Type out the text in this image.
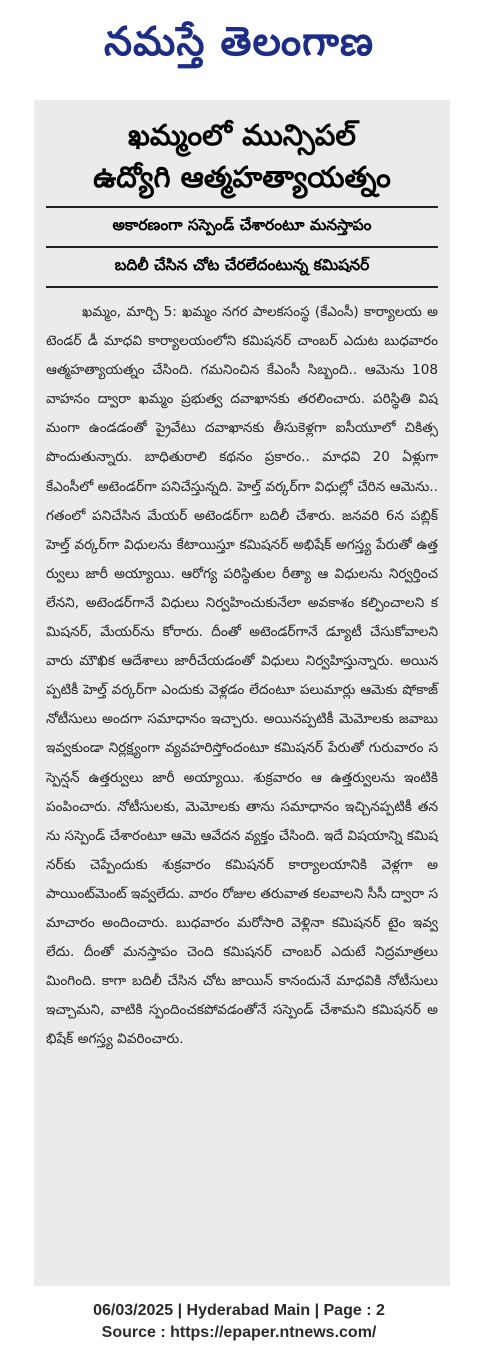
నమస్తే తెలంగాణ
ఖమ్మంలో మున్సిపల్
ఉద్యోగి ఆత్మహత్యాయత్నం
అకారణంగా సస్పెండ్ చేశారంటూ మనస్తాపం
బదిలీ చేసిన చోట చేరలేదంటున్న కమిషనర్

ఖమ్మం, మార్చి 5: ఖమ్మం నగర పాలకసంస్థ (కేఎంసీ) కార్యాలయ అటెండర్ డీ మాధవి కార్యాలయంలోని కమిషనర్ చాంబర్ ఎదుట బుధవారం ఆత్మహత్యాయత్నం చేసింది. గమనించిన కేఎంసీ సిబ్బంది.. ఆమెను 108 వాహనం ద్వారా ఖమ్మం ప్రభుత్వ దవాఖానకు తరలించారు. పరిస్థితి విషమంగా ఉండడంతో ప్రైవేటు దవాఖానకు తీసుకెళ్లగా ఐసీయూలో చికిత్స పొందుతున్నారు. బాధితురాలి కథనం ప్రకారం.. మాధవి 20 ఏళ్లుగా కేఎంసీలో అటెండర్‌గా పనిచేస్తున్నది. హెల్త్ వర్కర్‌గా విధుల్లో చేరిన ఆమెను.. గతంలో పనిచేసిన మేయర్ అటెండర్‌గా బదిలీ చేశారు. జనవరి 6న పబ్లిక్ హెల్త్ వర్కర్‌గా విధులను కేటాయిస్తూ కమిషనర్ అభిషేక్ అగస్త్య పేరుతో ఉత్తర్వులు జారీ అయ్యాయి. ఆరోగ్య పరిస్థితుల రీత్యా ఆ విధులను నిర్వర్తించలేనని, అటెండర్‌గానే విధులు నిర్వహించుకునేలా అవకాశం కల్పించాలని కమిషనర్, మేయర్‌ను కోరారు. దీంతో అటెండర్‌గానే డ్యూటీ చేసుకోవాలని వారు మౌఖిక ఆదేశాలు జారీచేయడంతో విధులు నిర్వహిస్తున్నారు. అయినప్పటికీ హెల్త్ వర్కర్‌గా ఎందుకు వెళ్లడం లేదంటూ పలుమార్లు ఆమెకు షోకాజ్ నోటీసులు అందగా సమాధానం ఇచ్చారు. అయినప్పటికీ మెమోలకు జవాబు ఇవ్వకుండా నిర్లక్ష్యంగా వ్యవహరిస్తోందంటూ కమిషనర్ పేరుతో గురువారం సస్పెన్షన్ ఉత్తర్వులు జారీ అయ్యాయి. శుక్రవారం ఆ ఉత్తర్వులను ఇంటికి పంపించారు. నోటీసులకు, మెమోలకు తాను సమాధానం ఇచ్చినప్పటికీ తనను సస్పెండ్ చేశారంటూ ఆమె ఆవేదన వ్యక్తం చేసింది. ఇదే విషయాన్ని కమిషనర్‌కు చెప్పేందుకు శుక్రవారం కమిషనర్ కార్యాలయానికి వెళ్లగా అపాయింట్‌మెంట్ ఇవ్వలేదు. వారం రోజుల తరువాత కలవాలని సీసీ ద్వారా సమాచారం అందించారు. బుధవారం మరోసారి వెళ్లినా కమిషనర్ టైం ఇవ్వలేదు. దీంతో మనస్తాపం చెంది కమిషనర్ చాంబర్ ఎదుటే నిద్రమాత్రలు మింగింది. కాగా బదిలీ చేసిన చోట జాయిన్ కానందునే మాధవికి నోటీసులు ఇచ్చామని, వాటికి స్పందించకపోవడంతోనే సస్పెండ్ చేశామని కమిషనర్ అభిషేక్ అగస్త్య వివరించారు.

06/03/2025 | Hyderabad Main | Page : 2
Source : https://epaper.ntnews.com/
